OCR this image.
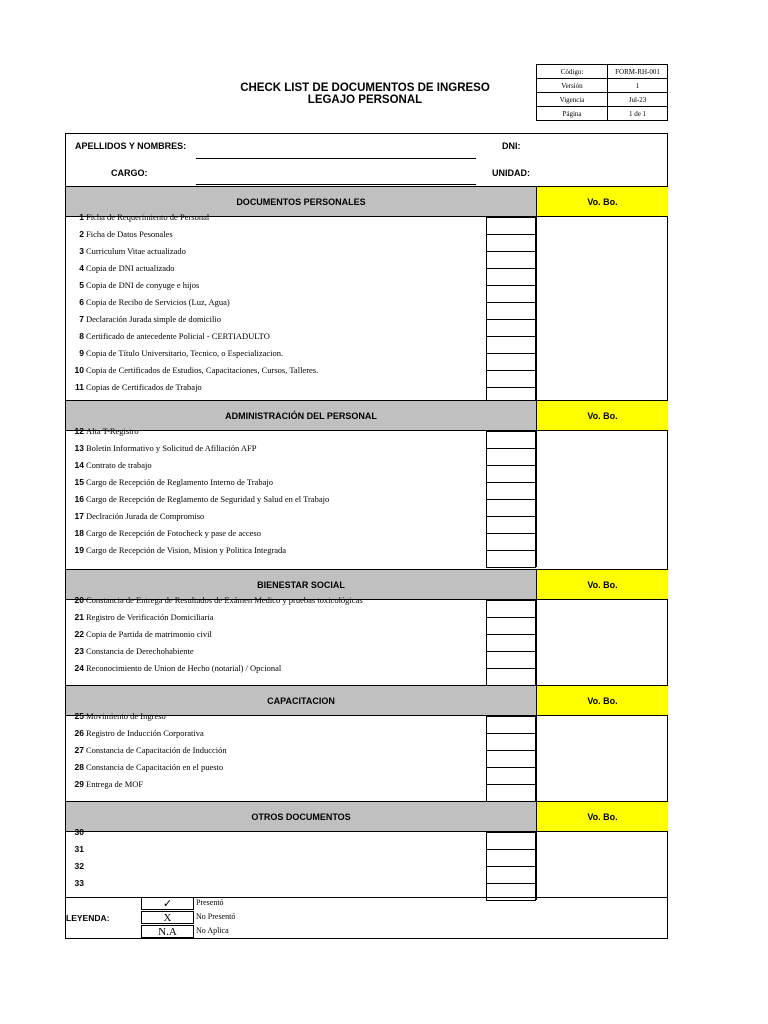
CHECK LIST DE DOCUMENTOS DE INGRESO
LEGAJO PERSONAL
Código:	FORM-RH-001
Versión	1
Vigencia	Jul-23
Página	1 de 1
APELLIDOS Y NOMBRES:	DNI:
CARGO:	UNIDAD:
DOCUMENTOS PERSONALES	Vo. Bo.
1 Ficha de Requerimiento de Personal
2 Ficha de Datos Pesonales
3 Curriculum Vitae actualizado
4 Copia de DNI actualizado
5 Copia de DNI de conyuge e hijos
6 Copia de Recibo de Servicios (Luz, Agua)
7 Declaración Jurada simple de domicilio
8 Certificado de antecedente Policial - CERTIADULTO
9 Copia de Título Universitario, Tecnico, o Especializacion.
10 Copia de Certificados de Estudios, Capacitaciones, Cursos, Talleres.
11 Copias de Certificados de Trabajo
ADMINISTRACIÓN DEL PERSONAL	Vo. Bo.
12 Alta T-Registro
13 Boletin Informativo y Solicitud de Afiliación AFP
14 Contrato de trabajo
15 Cargo de Recepción de Reglamento Interno de Trabajo
16 Cargo de Recepción de Reglamento de Seguridad y Salud en el Trabajo
17 Declración Jurada de Compromiso
18 Cargo de Recepción de Fotocheck y pase de acceso
19 Cargo de Recepción de Vision, Mision y Politica Integrada
BIENESTAR SOCIAL	Vo. Bo.
20 Constancia de Entrega de Resultados de Exámen Medico y pruebas toxicológicas
21 Registro de Verificación Domiciliaria
22 Copia de Partida de matrimonio civil
23 Constancia de Derechohabiente
24 Reconocimiento de Union de Hecho (notarial) / Opcional
CAPACITACION	Vo. Bo.
25 Movimiento de Ingreso
26 Registro de Inducción Corporativa
27 Constancia de Capacitación de Inducción
28 Constancia de Capacitación en el puesto
29 Entrega de MOF
OTROS DOCUMENTOS	Vo. Bo.
30
31
32
33
LEYENDA:
✓	Presentó
X	No Presentó
N.A	No Aplica
